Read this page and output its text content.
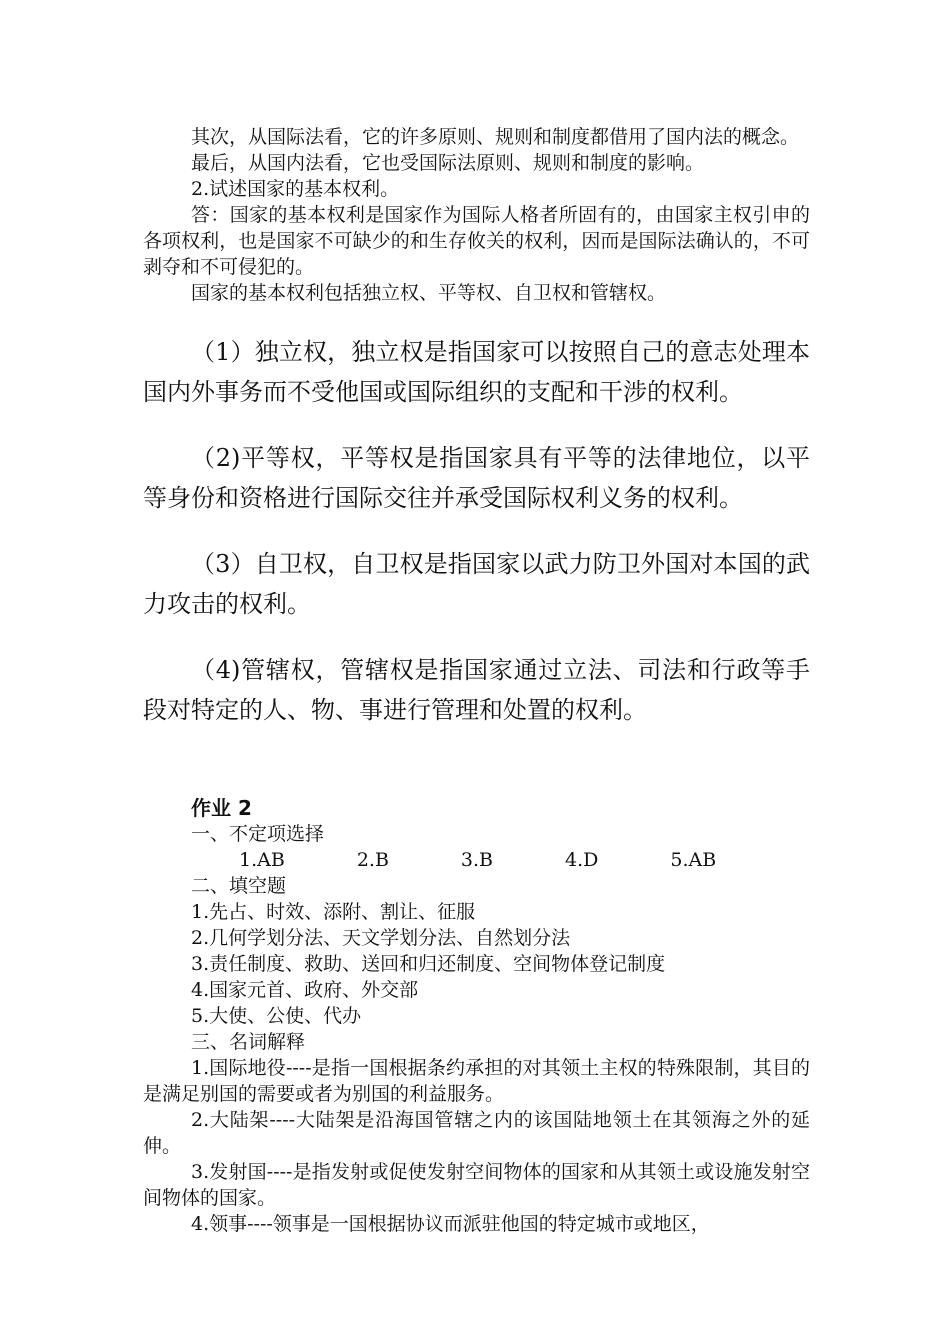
其次，从国际法看，它的许多原则、规则和制度都借用了国内法的概念。

最后，从国内法看，它也受国际法原则、规则和制度的影响。

2.试述国家的基本权利。

答：国家的基本权利是国家作为国际人格者所固有的，由国家主权引申的各项权利，也是国家不可缺少的和生存攸关的权利，因而是国际法确认的，不可剥夺和不可侵犯的。

国家的基本权利包括独立权、平等权、自卫权和管辖权。

（1）独立权，独立权是指国家可以按照自己的意志处理本国内外事务而不受他国或国际组织的支配和干涉的权利。

（2)平等权，平等权是指国家具有平等的法律地位，以平等身份和资格进行国际交往并承受国际权利义务的权利。

（3）自卫权，自卫权是指国家以武力防卫外国对本国的武力攻击的权利。

（4)管辖权，管辖权是指国家通过立法、司法和行政等手段对特定的人、物、事进行管理和处置的权利。

作业 2

一、不定项选择

1.AB	2.B	3.B	4.D	5.AB

二、填空题

1.先占、时效、添附、割让、征服

2.几何学划分法、天文学划分法、自然划分法

3.责任制度、救助、送回和归还制度、空间物体登记制度

4.国家元首、政府、外交部

5.大使、公使、代办

三、名词解释

1.国际地役----是指一国根据条约承担的对其领土主权的特殊限制，其目的是满足别国的需要或者为别国的利益服务。

2.大陆架----大陆架是沿海国管辖之内的该国陆地领土在其领海之外的延伸。

3.发射国----是指发射或促使发射空间物体的国家和从其领土或设施发射空间物体的国家。

4.领事----领事是一国根据协议而派驻他国的特定城市或地区，
